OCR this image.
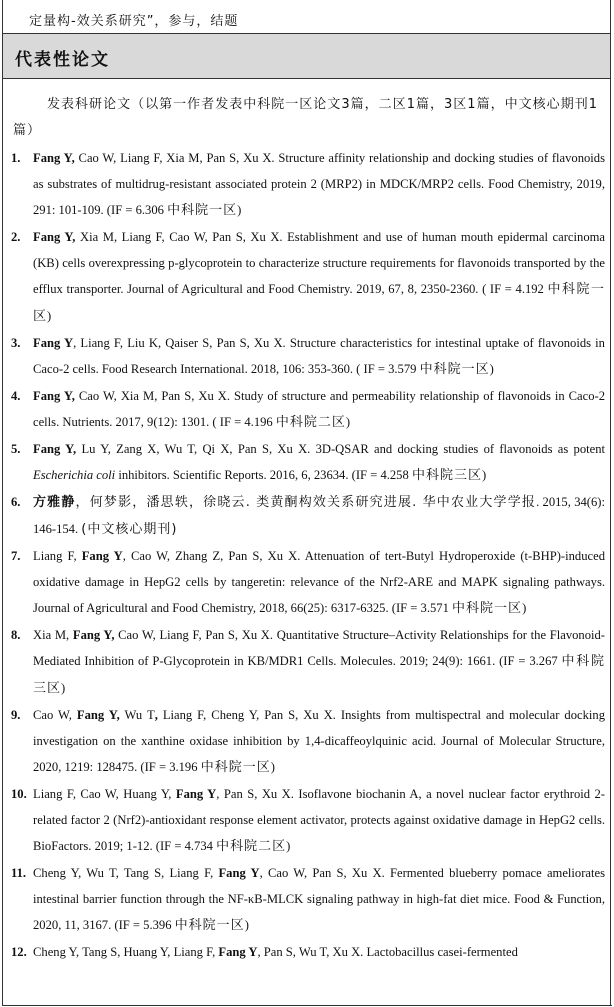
定量构-效关系研究”，参与，结题
代表性论文
发表科研论文（以第一作者发表中科院一区论文3篇，二区1篇，3区1篇，中文核心期刊1篇）
1. Fang Y, Cao W, Liang F, Xia M, Pan S, Xu X. Structure affinity relationship and docking studies of flavonoids as substrates of multidrug-resistant associated protein 2 (MRP2) in MDCK/MRP2 cells. Food Chemistry, 2019, 291: 101-109. (IF = 6.306 中科院一区)
2. Fang Y, Xia M, Liang F, Cao W, Pan S, Xu X. Establishment and use of human mouth epidermal carcinoma (KB) cells overexpressing p-glycoprotein to characterize structure requirements for flavonoids transported by the efflux transporter. Journal of Agricultural and Food Chemistry. 2019, 67, 8, 2350-2360. ( IF = 4.192 中科院一区)
3. Fang Y, Liang F, Liu K, Qaiser S, Pan S, Xu X. Structure characteristics for intestinal uptake of flavonoids in Caco-2 cells. Food Research International. 2018, 106: 353-360. ( IF = 3.579 中科院一区)
4. Fang Y, Cao W, Xia M, Pan S, Xu X. Study of structure and permeability relationship of flavonoids in Caco-2 cells. Nutrients. 2017, 9(12): 1301. ( IF = 4.196 中科院二区)
5. Fang Y, Lu Y, Zang X, Wu T, Qi X, Pan S, Xu X. 3D-QSAR and docking studies of flavonoids as potent Escherichia coli inhibitors. Scientific Reports. 2016, 6, 23634. (IF = 4.258 中科院三区)
6. 方雅静，何梦影，潘思轶，徐晓云. 类黄酮构效关系研究进展. 华中农业大学学报. 2015, 34(6): 146-154. (中文核心期刊)
7. Liang F, Fang Y, Cao W, Zhang Z, Pan S, Xu X. Attenuation of tert-Butyl Hydroperoxide (t-BHP)-induced oxidative damage in HepG2 cells by tangeretin: relevance of the Nrf2-ARE and MAPK signaling pathways. Journal of Agricultural and Food Chemistry, 2018, 66(25): 6317-6325. (IF = 3.571 中科院一区)
8. Xia M, Fang Y, Cao W, Liang F, Pan S, Xu X. Quantitative Structure–Activity Relationships for the Flavonoid-Mediated Inhibition of P-Glycoprotein in KB/MDR1 Cells. Molecules. 2019; 24(9): 1661. (IF = 3.267 中科院三区)
9. Cao W, Fang Y, Wu T, Liang F, Cheng Y, Pan S, Xu X. Insights from multispectral and molecular docking investigation on the xanthine oxidase inhibition by 1,4-dicaffeoylquinic acid. Journal of Molecular Structure, 2020, 1219: 128475. (IF = 3.196 中科院一区)
10. Liang F, Cao W, Huang Y, Fang Y, Pan S, Xu X. Isoflavone biochanin A, a novel nuclear factor erythroid 2-related factor 2 (Nrf2)-antioxidant response element activator, protects against oxidative damage in HepG2 cells. BioFactors. 2019; 1-12. (IF = 4.734 中科院二区)
11. Cheng Y, Wu T, Tang S, Liang F, Fang Y, Cao W, Pan S, Xu X. Fermented blueberry pomace ameliorates intestinal barrier function through the NF-κB-MLCK signaling pathway in high-fat diet mice. Food & Function, 2020, 11, 3167. (IF = 5.396 中科院一区)
12. Cheng Y, Tang S, Huang Y, Liang F, Fang Y, Pan S, Wu T, Xu X. Lactobacillus casei-fermented
